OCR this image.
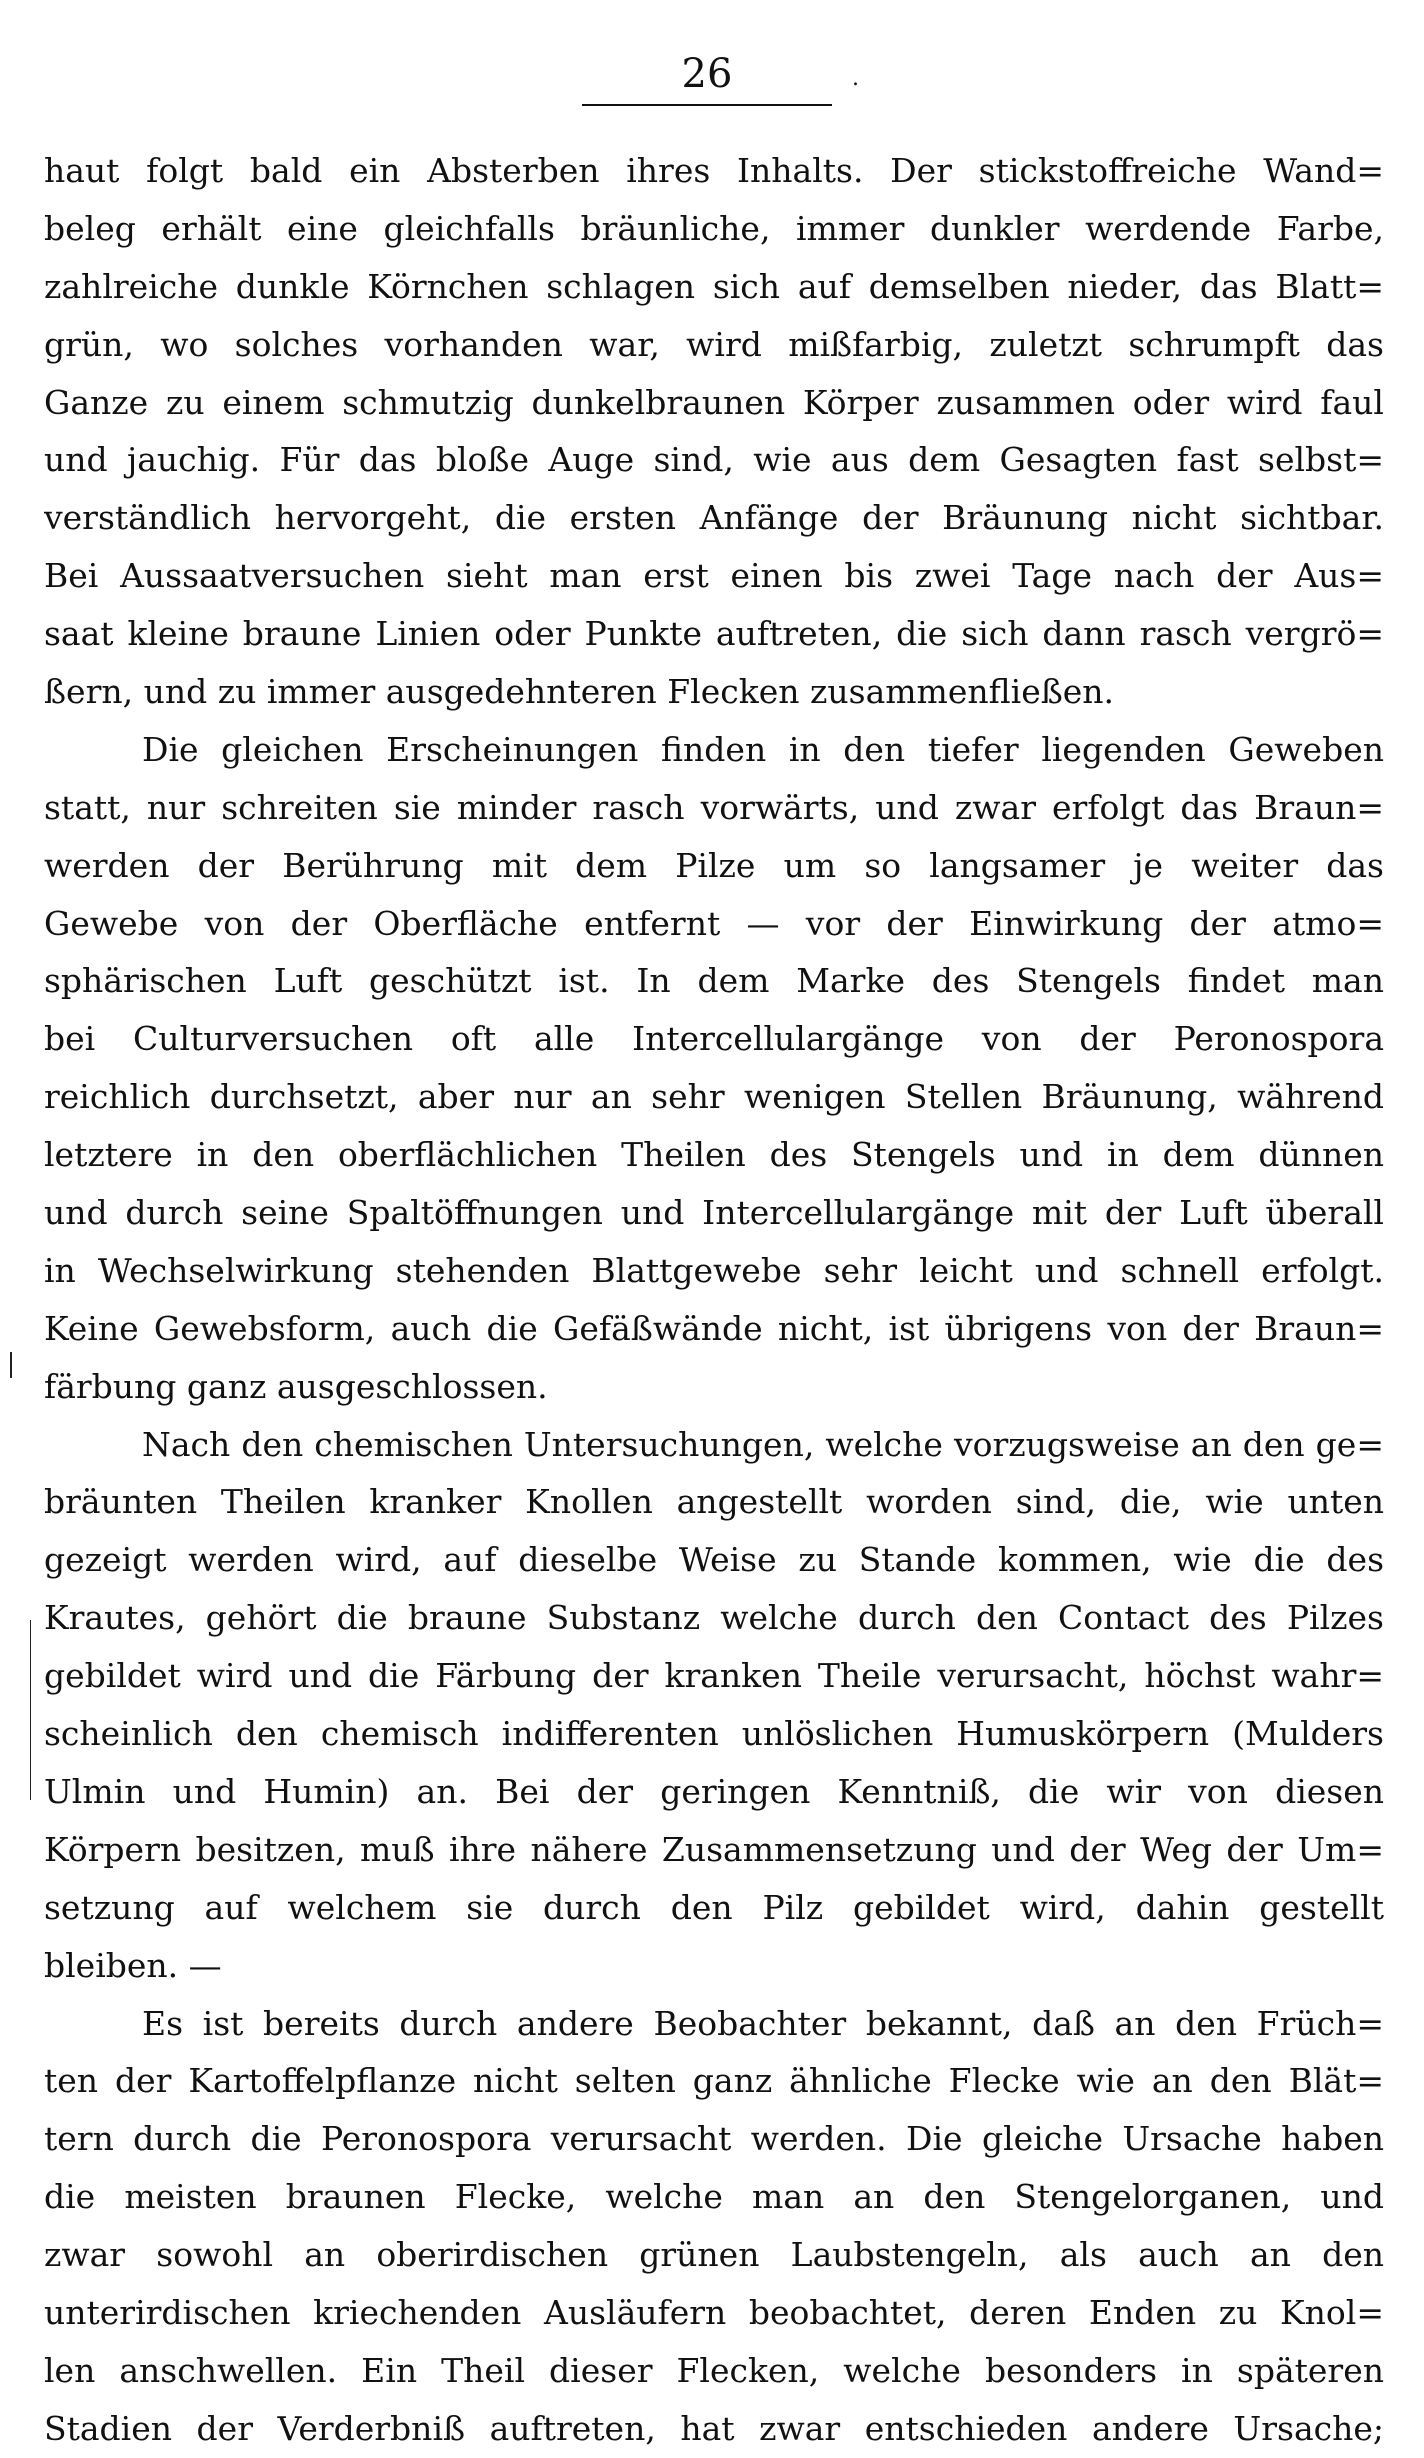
26	.
haut folgt bald ein Absterben ihres Inhalts. Der stickstoffreiche Wand=
beleg erhält eine gleichfalls bräunliche, immer dunkler werdende Farbe,
zahlreiche dunkle Körnchen schlagen sich auf demselben nieder, das Blatt=
grün, wo solches vorhanden war, wird mißfarbig, zuletzt schrumpft das
Ganze zu einem schmutzig dunkelbraunen Körper zusammen oder wird faul
und jauchig. Für das bloße Auge sind, wie aus dem Gesagten fast selbst=
verständlich hervorgeht, die ersten Anfänge der Bräunung nicht sichtbar.
Bei Aussaatversuchen sieht man erst einen bis zwei Tage nach der Aus=
saat kleine braune Linien oder Punkte auftreten, die sich dann rasch vergrö=
ßern, und zu immer ausgedehnteren Flecken zusammenfließen.
Die gleichen Erscheinungen finden in den tiefer liegenden Geweben
statt, nur schreiten sie minder rasch vorwärts, und zwar erfolgt das Braun=
werden der Berührung mit dem Pilze um so langsamer je weiter das
Gewebe von der Oberfläche entfernt — vor der Einwirkung der atmo=
sphärischen Luft geschützt ist. In dem Marke des Stengels findet man
bei Culturversuchen oft alle Intercellulargänge von der Peronospora
reichlich durchsetzt, aber nur an sehr wenigen Stellen Bräunung, während
letztere in den oberflächlichen Theilen des Stengels und in dem dünnen
und durch seine Spaltöffnungen und Intercellulargänge mit der Luft überall
in Wechselwirkung stehenden Blattgewebe sehr leicht und schnell erfolgt.
Keine Gewebsform, auch die Gefäßwände nicht, ist übrigens von der Braun=
färbung ganz ausgeschlossen.
Nach den chemischen Untersuchungen, welche vorzugsweise an den ge=
bräunten Theilen kranker Knollen angestellt worden sind, die, wie unten
gezeigt werden wird, auf dieselbe Weise zu Stande kommen, wie die des
Krautes, gehört die braune Substanz welche durch den Contact des Pilzes
gebildet wird und die Färbung der kranken Theile verursacht, höchst wahr=
scheinlich den chemisch indifferenten unlöslichen Humuskörpern (Mulders
Ulmin und Humin) an. Bei der geringen Kenntniß, die wir von diesen
Körpern besitzen, muß ihre nähere Zusammensetzung und der Weg der Um=
setzung auf welchem sie durch den Pilz gebildet wird, dahin gestellt
bleiben. —
Es ist bereits durch andere Beobachter bekannt, daß an den Früch=
ten der Kartoffelpflanze nicht selten ganz ähnliche Flecke wie an den Blät=
tern durch die Peronospora verursacht werden. Die gleiche Ursache haben
die meisten braunen Flecke, welche man an den Stengelorganen, und
zwar sowohl an oberirdischen grünen Laubstengeln, als auch an den
unterirdischen kriechenden Ausläufern beobachtet, deren Enden zu Knol=
len anschwellen. Ein Theil dieser Flecken, welche besonders in späteren
Stadien der Verderbniß auftreten, hat zwar entschieden andere Ursache;
